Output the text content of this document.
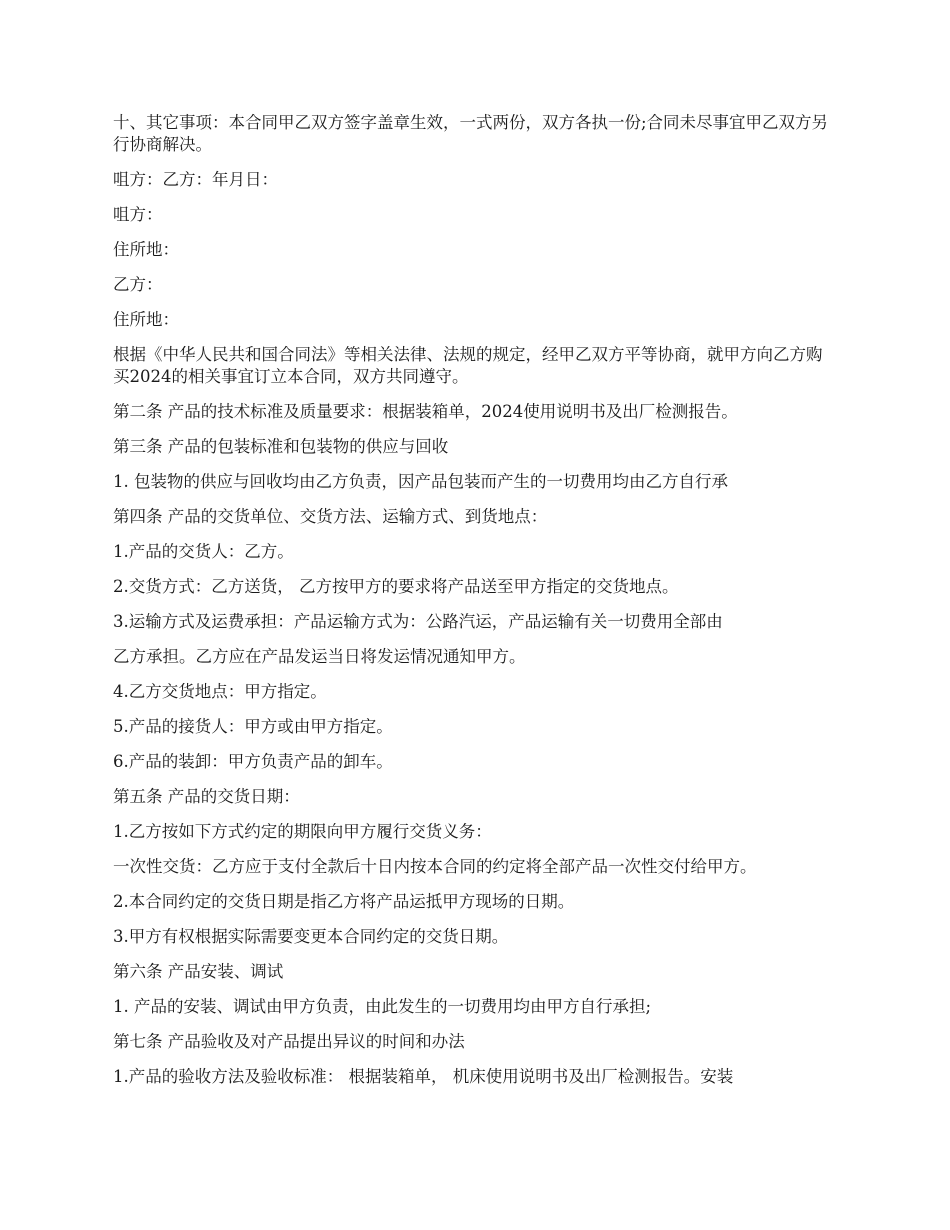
十、其它事项：本合同甲乙双方签字盖章生效，一式两份，双方各执一份;合同未尽事宜甲乙双方另行协商解决。

咀方：乙方：年月日：

咀方：

住所地：

乙方：

住所地：

根据《中华人民共和国合同法》等相关法律、法规的规定，经甲乙双方平等协商，就甲方向乙方购买2024的相关事宜订立本合同，双方共同遵守。

第二条 产品的技术标准及质量要求：根据装箱单，2024使用说明书及出厂检测报告。

第三条 产品的包装标准和包装物的供应与回收

1. 包装物的供应与回收均由乙方负责，因产品包装而产生的一切费用均由乙方自行承

第四条 产品的交货单位、交货方法、运输方式、到货地点：

1.产品的交货人：乙方。

2.交货方式：乙方送货， 乙方按甲方的要求将产品送至甲方指定的交货地点。

3.运输方式及运费承担：产品运输方式为：公路汽运，产品运输有关一切费用全部由

乙方承担。乙方应在产品发运当日将发运情况通知甲方。

4.乙方交货地点：甲方指定。

5.产品的接货人：甲方或由甲方指定。

6.产品的装卸：甲方负责产品的卸车。

第五条 产品的交货日期：

1.乙方按如下方式约定的期限向甲方履行交货义务：

一次性交货：乙方应于支付全款后十日内按本合同的约定将全部产品一次性交付给甲方。

2.本合同约定的交货日期是指乙方将产品运抵甲方现场的日期。

3.甲方有权根据实际需要变更本合同约定的交货日期。

第六条 产品安装、调试

1. 产品的安装、调试由甲方负责，由此发生的一切费用均由甲方自行承担;

第七条 产品验收及对产品提出异议的时间和办法

1.产品的验收方法及验收标准： 根据装箱单， 机床使用说明书及出厂检测报告。安装
